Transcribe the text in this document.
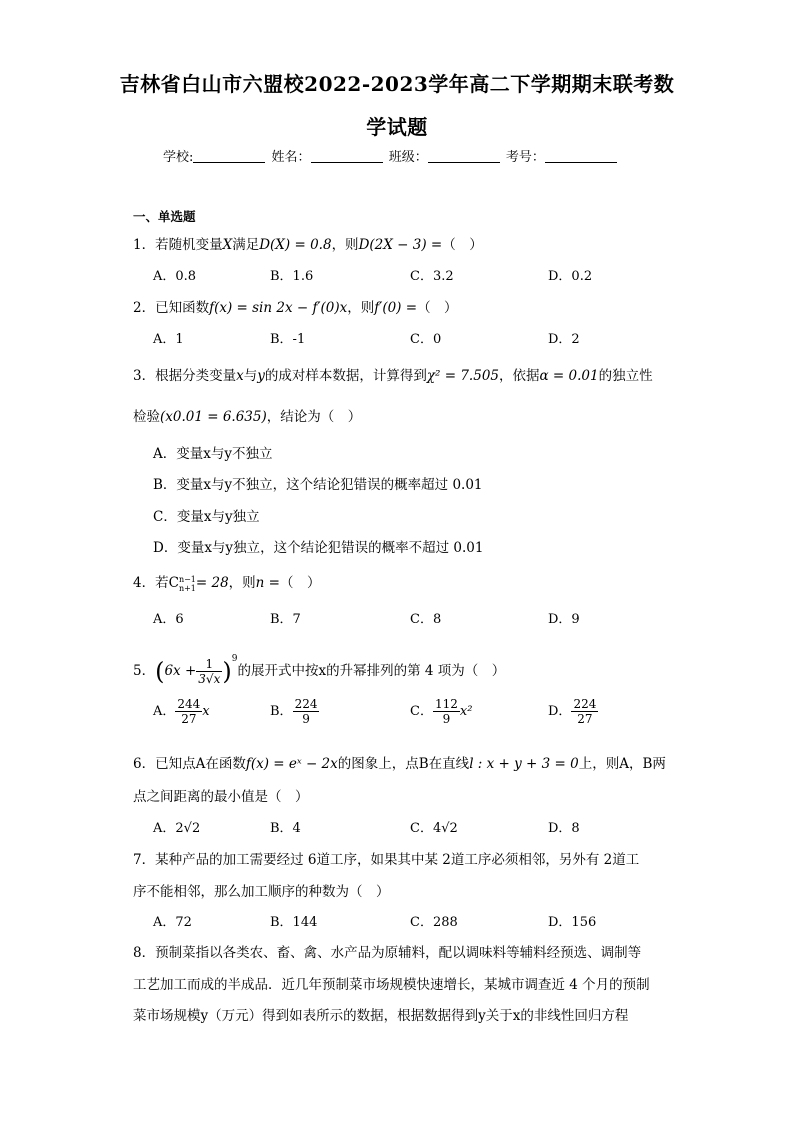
吉林省白山市六盟校2022-2023学年高二下学期期末联考数
学试题
学校:	姓名：	班级：	考号：
一、单选题
1．若随机变量X满足D(X) = 0.8，则D(2X − 3) =（　）
A．0.8	B．1.6	C．3.2	D．0.2
2．已知函数f(x) = sin 2x − f′(0)x，则f′(0) =（　）
A．1	B．-1	C．0	D．2
3．根据分类变量x与y的成对样本数据，计算得到χ² = 7.505，依据α = 0.01的独立性
检验(x0.01 = 6.635)，结论为（　）
A．变量x与y不独立
B．变量x与y不独立，这个结论犯错误的概率超过 0.01
C．变量x与y独立
D．变量x与y独立，这个结论犯错误的概率不超过 0.01
4．若C n−1
n+1 = 28，则n =（　）
A．6	B．7	C．8	D．9
5．$(6x + \frac{1}{3√x} )^9$的展开式中按x的升幂排列的第 4 项为（　）
A． $\frac{244}{27}$ x	B． $\frac{224}{9}$	C． $\frac{112}{9} x^2$	D． $\frac{224}{27}$
6．已知点A在函数f(x) = eˣ − 2x的图象上，点B在直线l : x + y + 3 = 0上，则A，B两
点之间距离的最小值是（　）
A．2√2	B．4	C．4√2	D．8
7．某种产品的加工需要经过 6道工序，如果其中某 2道工序必须相邻，另外有 2道工
序不能相邻，那么加工顺序的种数为（　）
A．72	B．144	C．288	D．156
8．预制菜指以各类农、畜、禽、水产品为原辅料，配以调味料等辅料经预选、调制等
工艺加工而成的半成品．近几年预制菜市场规模快速增长，某城市调查近 4 个月的预制
菜市场规模y（万元）得到如表所示的数据，根据数据得到y关于x的非线性回归方程
